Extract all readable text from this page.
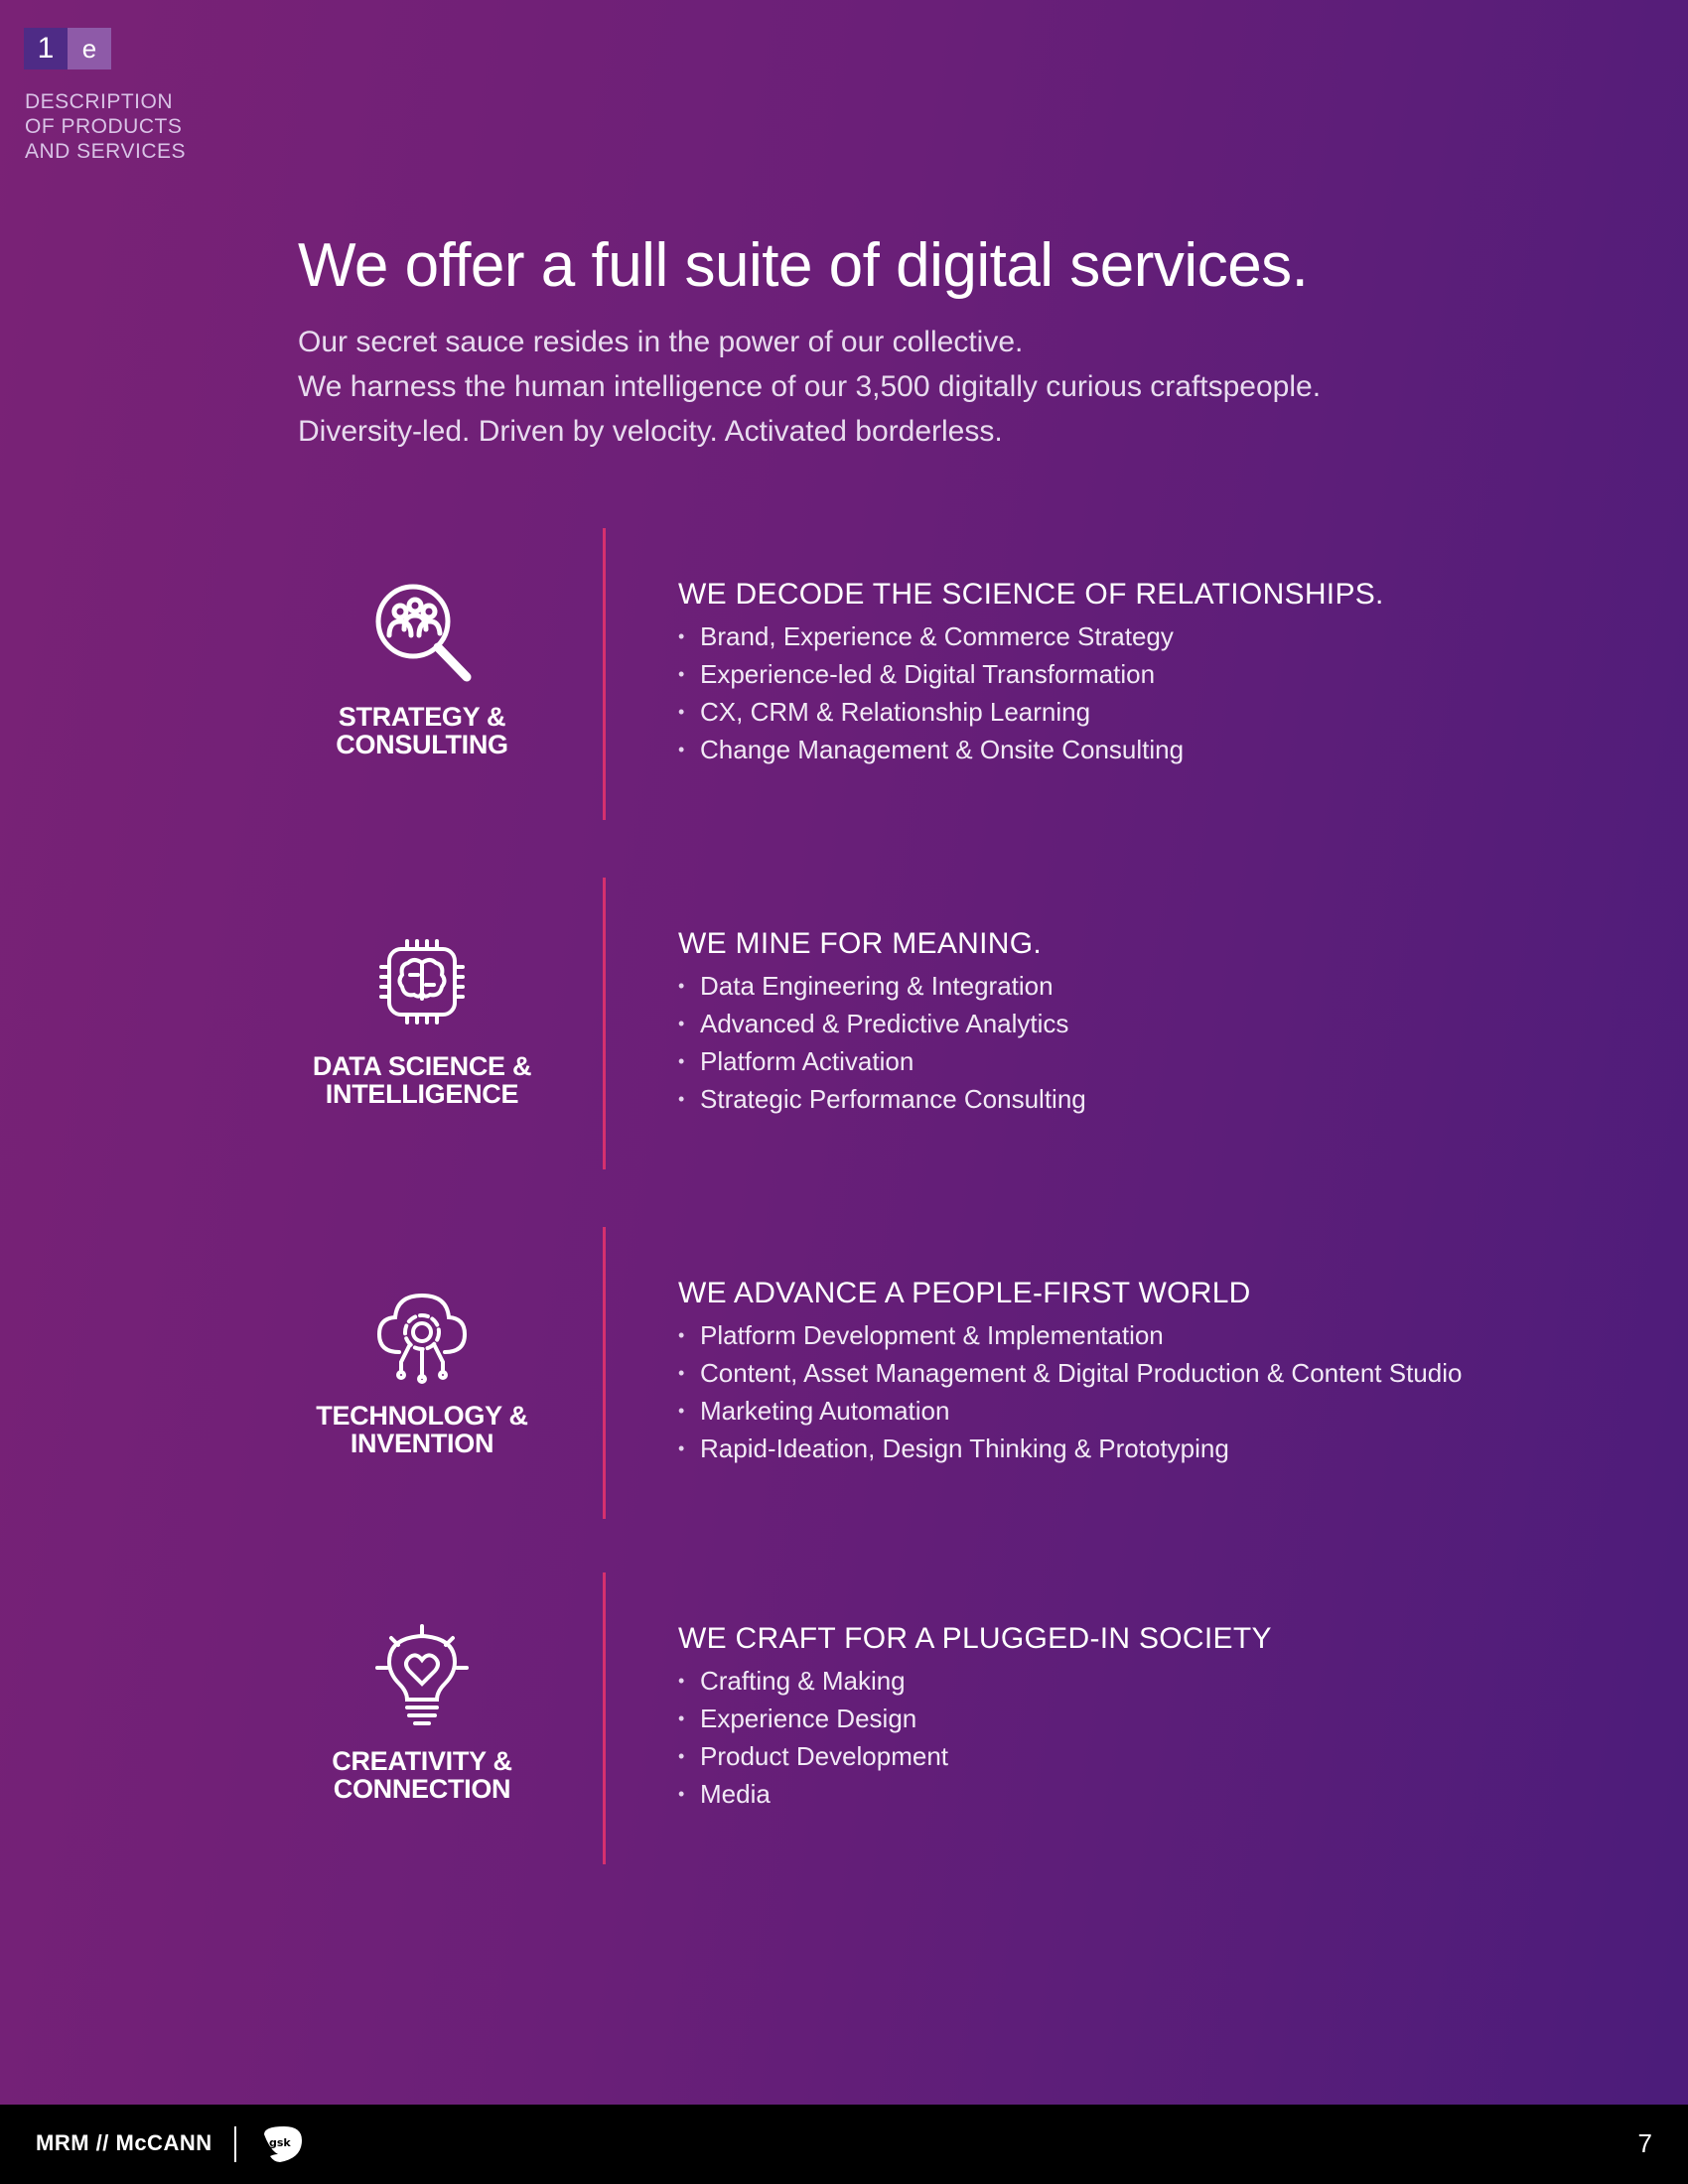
1	e
DESCRIPTION
OF PRODUCTS
AND SERVICES
We offer a full suite of digital services.
Our secret sauce resides in the power of our collective.
We harness the human intelligence of our 3,500 digitally curious craftspeople.
Diversity-led. Driven by velocity. Activated borderless.
STRATEGY &
CONSULTING
WE DECODE THE SCIENCE OF RELATIONSHIPS.
• Brand, Experience & Commerce Strategy
• Experience-led & Digital Transformation
• CX, CRM & Relationship Learning
• Change Management & Onsite Consulting
DATA SCIENCE &
INTELLIGENCE
WE MINE FOR MEANING.
• Data Engineering & Integration
• Advanced & Predictive Analytics
• Platform Activation
• Strategic Performance Consulting
TECHNOLOGY &
INVENTION
WE ADVANCE A PEOPLE-FIRST WORLD
• Platform Development & Implementation
• Content, Asset Management & Digital Production & Content Studio
• Marketing Automation
• Rapid-Ideation, Design Thinking & Prototyping
CREATIVITY &
CONNECTION
WE CRAFT FOR A PLUGGED-IN SOCIETY
• Crafting & Making
• Experience Design
• Product Development
• Media
MRM // McCANN	gsk	7
